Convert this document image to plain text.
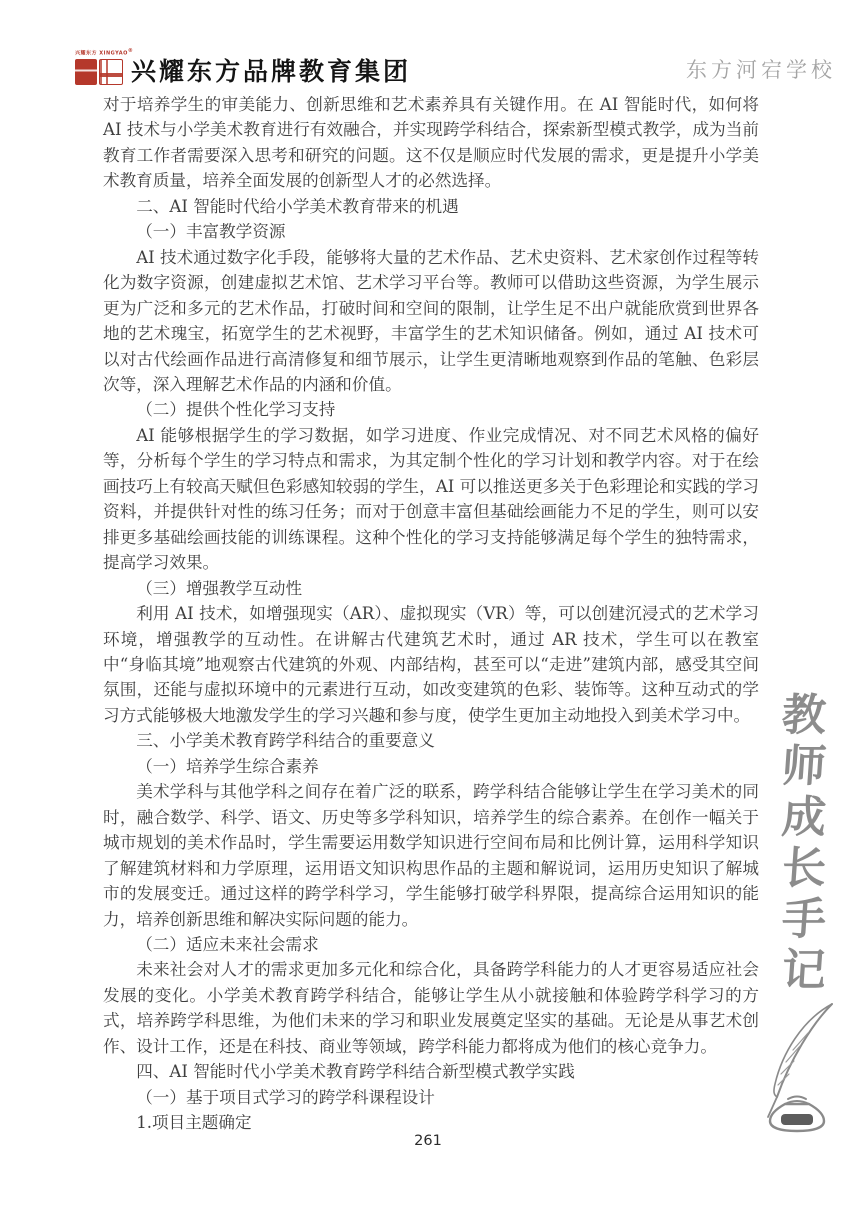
兴耀东方 XINGYAO®
兴耀东方品牌教育集团	东方河宕学校

对于培养学生的审美能力、创新思维和艺术素养具有关键作用。在 AI 智能时代，如何将 AI 技术与小学美术教育进行有效融合，并实现跨学科结合，探索新型模式教学，成为当前教育工作者需要深入思考和研究的问题。这不仅是顺应时代发展的需求，更是提升小学美术教育质量，培养全面发展的创新型人才的必然选择。

二、AI 智能时代给小学美术教育带来的机遇

（一）丰富教学资源

AI 技术通过数字化手段，能够将大量的艺术作品、艺术史资料、艺术家创作过程等转化为数字资源，创建虚拟艺术馆、艺术学习平台等。教师可以借助这些资源，为学生展示更为广泛和多元的艺术作品，打破时间和空间的限制，让学生足不出户就能欣赏到世界各地的艺术瑰宝，拓宽学生的艺术视野，丰富学生的艺术知识储备。例如，通过 AI 技术可以对古代绘画作品进行高清修复和细节展示，让学生更清晰地观察到作品的笔触、色彩层次等，深入理解艺术作品的内涵和价值。

（二）提供个性化学习支持

AI 能够根据学生的学习数据，如学习进度、作业完成情况、对不同艺术风格的偏好等，分析每个学生的学习特点和需求，为其定制个性化的学习计划和教学内容。对于在绘画技巧上有较高天赋但色彩感知较弱的学生，AI 可以推送更多关于色彩理论和实践的学习资料，并提供针对性的练习任务；而对于创意丰富但基础绘画能力不足的学生，则可以安排更多基础绘画技能的训练课程。这种个性化的学习支持能够满足每个学生的独特需求，提高学习效果。

（三）增强教学互动性

利用 AI 技术，如增强现实（AR）、虚拟现实（VR）等，可以创建沉浸式的艺术学习环境，增强教学的互动性。在讲解古代建筑艺术时，通过 AR 技术，学生可以在教室中“身临其境”地观察古代建筑的外观、内部结构，甚至可以“走进”建筑内部，感受其空间氛围，还能与虚拟环境中的元素进行互动，如改变建筑的色彩、装饰等。这种互动式的学习方式能够极大地激发学生的学习兴趣和参与度，使学生更加主动地投入到美术学习中。

三、小学美术教育跨学科结合的重要意义

（一）培养学生综合素养

美术学科与其他学科之间存在着广泛的联系，跨学科结合能够让学生在学习美术的同时，融合数学、科学、语文、历史等多学科知识，培养学生的综合素养。在创作一幅关于城市规划的美术作品时，学生需要运用数学知识进行空间布局和比例计算，运用科学知识了解建筑材料和力学原理，运用语文知识构思作品的主题和解说词，运用历史知识了解城市的发展变迁。通过这样的跨学科学习，学生能够打破学科界限，提高综合运用知识的能力，培养创新思维和解决实际问题的能力。

（二）适应未来社会需求

未来社会对人才的需求更加多元化和综合化，具备跨学科能力的人才更容易适应社会发展的变化。小学美术教育跨学科结合，能够让学生从小就接触和体验跨学科学习的方式，培养跨学科思维，为他们未来的学习和职业发展奠定坚实的基础。无论是从事艺术创作、设计工作，还是在科技、商业等领域，跨学科能力都将成为他们的核心竞争力。

四、AI 智能时代小学美术教育跨学科结合新型模式教学实践

（一）基于项目式学习的跨学科课程设计

1.项目主题确定

教
师
成
长
手
记
261
